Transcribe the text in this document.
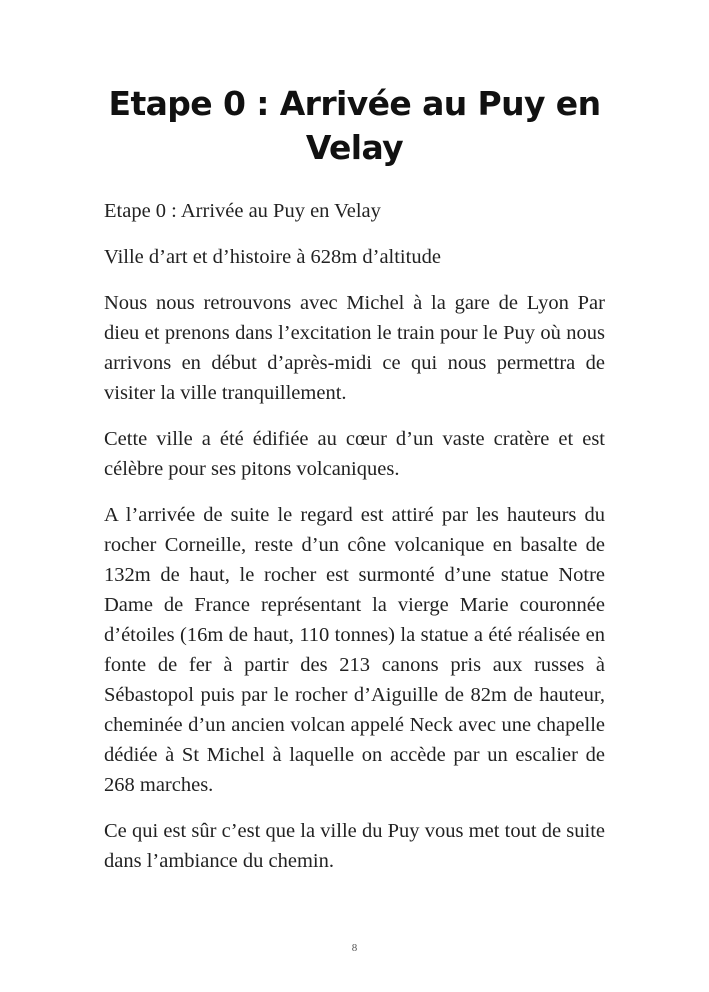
Etape 0 : Arrivée au Puy en Velay

Etape 0 : Arrivée au Puy en Velay

Ville d’art et d’histoire à 628m d’altitude

Nous nous retrouvons avec Michel à la gare de Lyon Par dieu et prenons dans l’excitation le train pour le Puy où nous arrivons en début d’après-midi ce qui nous permettra de visiter la ville tranquillement.

Cette ville a été édifiée au cœur d’un vaste cratère et est célèbre pour ses pitons volcaniques.

A l’arrivée de suite le regard est attiré par les hauteurs du rocher Corneille, reste d’un cône volcanique en basalte de 132m de haut, le rocher est surmonté d’une statue Notre Dame de France représentant la vierge Marie couronnée d’étoiles (16m de haut, 110 tonnes) la statue a été réalisée en fonte de fer à partir des 213 canons pris aux russes à Sébastopol puis par le rocher d’Aiguille de 82m de hauteur, cheminée d’un ancien volcan appelé Neck avec une chapelle dédiée à St Michel à laquelle on accède par un escalier de 268 marches.

Ce qui est sûr c’est que la ville du Puy vous met tout de suite dans l’ambiance du chemin.

8
